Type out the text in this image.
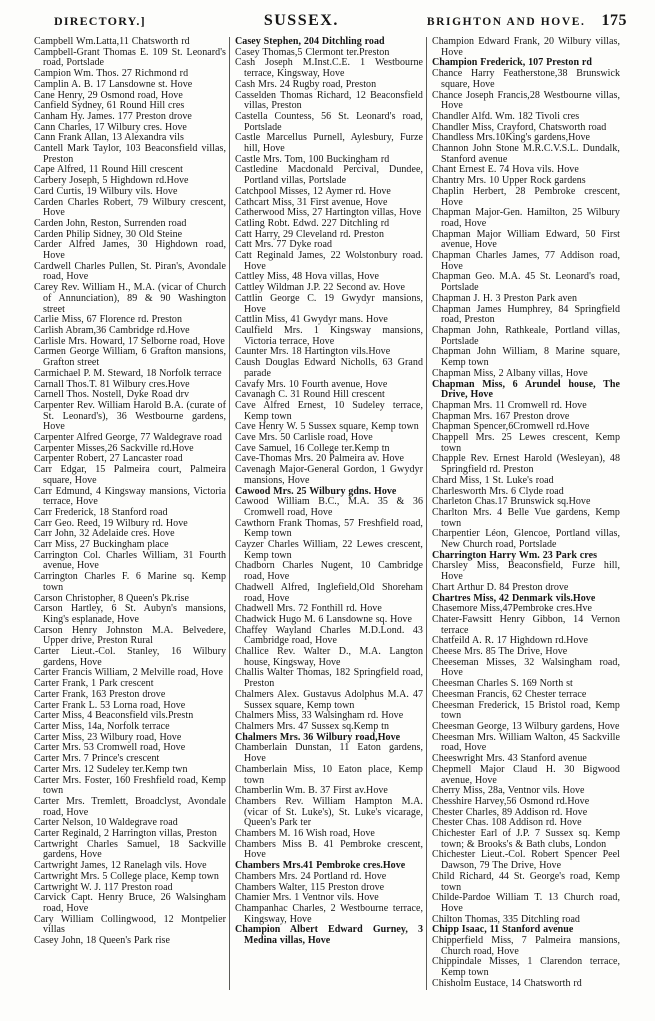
DIRECTORY.]	SUSSEX.	BRIGHTON AND HOVE. 175

Campbell Wm.Latta,11 Chatsworth rd

Campbell-Grant Thomas E. 109 St. Leonard's road, Portslade

Campion Wm. Thos. 27 Richmond rd

Camplin A. B. 17 Lansdowne st. Hove

Cane Henry, 29 Osmond road, Hove

Canfield Sydney, 61 Round Hill cres

Canham Hy. James. 177 Preston drove

Cann Charles, 17 Wilbury cres. Hove

Cann Frank Allan, 13 Alexandra vils

Cantell Mark Taylor, 103 Beaconsfield villas, Preston

Cape Alfred, 11 Round Hill crescent

Carbery Joseph, 5 Highdown rd.Hove

Card Curtis, 19 Wilbury vils. Hove

Carden Charles Robert, 79 Wilbury crescent, Hove

Carden John, Reston, Surrenden road

Carden Philip Sidney, 30 Old Steine

Carder Alfred James, 30 Highdown road, Hove

Cardwell Charles Pullen, St. Piran's, Avondale road, Hove

Carey Rev. William H., M.A. (vicar of Church of Annunciation), 89 & 90 Washington street

Carlie Miss, 67 Florence rd. Preston

Carlish Abram,36 Cambridge rd.Hove

Carlisle Mrs. Howard, 17 Selborne road, Hove

Carmen George William, 6 Grafton mansions, Grafton street

Carmichael P. M. Steward, 18 Norfolk terrace

Carnall Thos.T. 81 Wilbury cres.Hove

Carnell Thos. Nostell, Dyke Road drv

Carpenter Rev. William Harold B.A. (curate of St. Leonard's), 36 Westbourne gardens, Hove

Carpenter Alfred George, 77 Waldegrave road

Carpenter Misses,26 Sackville rd.Hove

Carpenter Robert, 27 Lancaster road

Carr Edgar, 15 Palmeira court, Palmeira square, Hove

Carr Edmund, 4 Kingsway mansions, Victoria terrace, Hove

Carr Frederick, 18 Stanford road

Carr Geo. Reed, 19 Wilbury rd. Hove

Carr John, 32 Adelaide cres. Hove

Carr Miss, 27 Buckingham place

Carrington Col. Charles William, 31 Fourth avenue, Hove

Carrington Charles F. 6 Marine sq. Kemp town

Carson Christopher, 8 Queen's Pk.rise

Carson Hartley, 6 St. Aubyn's mansions, King's esplanade, Hove

Carson Henry Johnston M.A. Belvedere, Upper drive, Preston Rural

Carter Lieut.-Col. Stanley, 16 Wilbury gardens, Hove

Carter Francis William, 2 Melville road, Hove

Carter Frank, 1 Park crescent

Carter Frank, 163 Preston drove

Carter Frank L. 53 Lorna road, Hove

Carter Miss, 4 Beaconsfield vils.Prestn

Carter Miss, 14a, Norfolk terrace

Carter Miss, 23 Wilbury road, Hove

Carter Mrs. 53 Cromwell road, Hove

Carter Mrs. 7 Prince's crescent

Carter Mrs. 12 Sudeley ter.Kemp twn

Carter Mrs. Foster, 160 Freshfield road, Kemp town

Carter Mrs. Tremlett, Broadclyst, Avondale road, Hove

Carter Nelson, 10 Waldegrave road

Carter Reginald, 2 Harrington villas, Preston

Cartwright Charles Samuel, 18 Sackville gardens, Hove

Cartwright James, 12 Ranelagh vils. Hove

Cartwright Mrs. 5 College place, Kemp town

Cartwright W. J. 117 Preston road

Carvick Capt. Henry Bruce, 26 Walsingham road, Hove

Cary William Collingwood, 12 Montpelier villas

Casey John, 18 Queen's Park rise

Casey Stephen, 204 Ditchling road

Casey Thomas,5 Clermont ter.Preston

Cash Joseph M.Inst.C.E. 1 Westbourne terrace, Kingsway, Hove

Cash Mrs. 24 Rugby road, Preston

Casselden Thomas Richard, 12 Beaconsfield villas, Preston

Castella Countess, 56 St. Leonard's road, Portslade

Castle Marcellus Purnell, Aylesbury, Furze hill, Hove

Castle Mrs. Tom, 100 Buckingham rd

Castledine Macdonald Percival, Dundee, Portland villas, Portslade

Catchpool Misses, 12 Aymer rd. Hove

Cathcart Miss, 31 First avenue, Hove

Catherwood Miss, 27 Hartington villas, Hove

Catling Robt. Edwd. 227 Ditchling rd

Catt Harry, 29 Cleveland rd. Preston

Catt Mrs. 77 Dyke road

Catt Reginald James, 22 Wolstonbury road. Hove

Cattley Miss, 48 Hova villas, Hove

Cattley Wildman J.P. 22 Second av. Hove

Cattlin George C. 19 Gwydyr mansions, Hove

Cattlin Miss, 41 Gwydyr mans. Hove

Caulfield Mrs. 1 Kingsway mansions, Victoria terrace, Hove

Caunter Mrs. 18 Hartington vils.Hove

Caush Douglas Edward Nicholls, 63 Grand parade

Cavafy Mrs. 10 Fourth avenue, Hove

Cavanagh C. 31 Round Hill crescent

Cave Alfred Ernest, 10 Sudeley terrace, Kemp town

Cave Henry W. 5 Sussex square, Kemp town

Cave Mrs. 50 Carlisle road, Hove

Cave Samuel, 16 College ter.Kemp tn

Cave-Thomas Mrs. 20 Palmeira av. Hove

Cavenagh Major-General Gordon, 1 Gwydyr mansions, Hove

Cawood Mrs. 25 Wilbury gdns. Hove

Cawood William B.C., M.A. 35 & 36 Cromwell road, Hove

Cawthorn Frank Thomas, 57 Freshfield road, Kemp town

Cayzer Charles William, 22 Lewes crescent, Kemp town

Chadborn Charles Nugent, 10 Cambridge road, Hove

Chadwell Alfred, Inglefield,Old Shoreham road, Hove

Chadwell Mrs. 72 Fonthill rd. Hove

Chadwick Hugo M. 6 Lansdowne sq. Hove

Chaffey Wayland Charles M.D.Lond. 43 Cambridge road, Hove

Challice Rev. Walter D., M.A. Langton house, Kingsway, Hove

Challis Walter Thomas, 182 Springfield road, Preston

Chalmers Alex. Gustavus Adolphus M.A. 47 Sussex square, Kemp town

Chalmers Miss, 33 Walsingham rd. Hove

Chalmers Mrs. 47 Sussex sq.Kemp tn

Chalmers Mrs. 36 Wilbury road,Hove

Chamberlain Dunstan, 11 Eaton gardens, Hove

Chamberlain Miss, 10 Eaton place, Kemp town

Chamberlin Wm. B. 37 First av.Hove

Chambers Rev. William Hampton M.A. (vicar of St. Luke's), St. Luke's vicarage, Queen's Park ter

Chambers M. 16 Wish road, Hove

Chambers Miss B. 41 Pembroke crescent, Hove

Chambers Mrs.41 Pembroke cres.Hove

Chambers Mrs. 24 Portland rd. Hove

Chambers Walter, 115 Preston drove

Chamier Mrs. 1 Ventnor vils. Hove

Champanhac Charles, 2 Westbourne terrace, Kingsway, Hove

Champion Albert Edward Gurney, 3 Medina villas, Hove

Champion Edward Frank, 20 Wilbury villas, Hove

Champion Frederick, 107 Preston rd

Chance Harry Featherstone,38 Brunswick square, Hove

Chance Joseph Francis,28 Westbourne villas, Hove

Chandler Alfd. Wm. 182 Tivoli cres

Chandler Miss, Crayford, Chatsworth road

Chandless Mrs.10King's gardens,Hove

Channon John Stone M.R.C.V.S.L. Dundalk, Stanford avenue

Chant Ernest E. 74 Hova vils. Hove

Chantry Mrs. 10 Upper Rock gardens

Chaplin Herbert, 28 Pembroke crescent, Hove

Chapman Major-Gen. Hamilton, 25 Wilbury road, Hove

Chapman Major William Edward, 50 First avenue, Hove

Chapman Charles James, 77 Addison road, Hove

Chapman Geo. M.A. 45 St. Leonard's road, Portslade

Chapman J. H. 3 Preston Park aven

Chapman James Humphrey, 84 Springfield road, Preston

Chapman John, Rathkeale, Portland villas, Portslade

Chapman John William, 8 Marine square, Kemp town

Chapman Miss, 2 Albany villas, Hove

Chapman Miss, 6 Arundel house, The Drive, Hove

Chapman Mrs. 11 Cromwell rd. Hove

Chapman Mrs. 167 Preston drove

Chapman Spencer,6Cromwell rd.Hove

Chappell Mrs. 25 Lewes crescent, Kemp town

Chapple Rev. Ernest Harold (Wesleyan), 48 Springfield rd. Preston

Chard Miss, 1 St. Luke's road

Charlesworth Mrs. 6 Clyde road

Charleton Chas.17 Brunswick sq.Hove

Charlton Mrs. 4 Belle Vue gardens, Kemp town

Charpentier Léon, Glencoe, Portland villas, New Church road, Portslade

Charrington Harry Wm. 23 Park cres

Charsley Miss, Beaconsfield, Furze hill, Hove

Chart Arthur D. 84 Preston drove

Chartres Miss, 42 Denmark vils.Hove

Chasemore Miss,47Pembroke cres.Hve

Chater-Fawsitt Henry Gibbon, 14 Vernon terrace

Chatfeild A. R. 17 Highdown rd.Hove

Cheese Mrs. 85 The Drive, Hove

Cheeseman Misses, 32 Walsingham road, Hove

Cheesman Charles S. 169 North st

Cheesman Francis, 62 Chester terrace

Cheesman Frederick, 15 Bristol road, Kemp town

Cheesman George, 13 Wilbury gardens, Hove

Cheesman Mrs. William Walton, 45 Sackville road, Hove

Cheeswright Mrs. 43 Stanford avenue

Chepmell Major Claud H. 30 Bigwood avenue, Hove

Cherry Miss, 28a, Ventnor vils. Hove

Chesshire Harvey,56 Osmond rd.Hove

Chester Charles, 89 Addison rd. Hove

Chester Chas. 108 Addison rd. Hove

Chichester Earl of J.P. 7 Sussex sq. Kemp town; & Brooks's & Bath clubs, London

Chichester Lieut.-Col. Robert Spencer Peel Dawson, 79 The Drive, Hove

Child Richard, 44 St. George's road, Kemp town

Childe-Pardoe William T. 13 Church road, Hove

Chilton Thomas, 335 Ditchling road

Chipp Isaac, 11 Stanford avenue

Chipperfield Miss, 7 Palmeira mansions, Church road, Hove

Chippindale Misses, 1 Clarendon terrace, Kemp town

Chisholm Eustace, 14 Chatsworth rd
